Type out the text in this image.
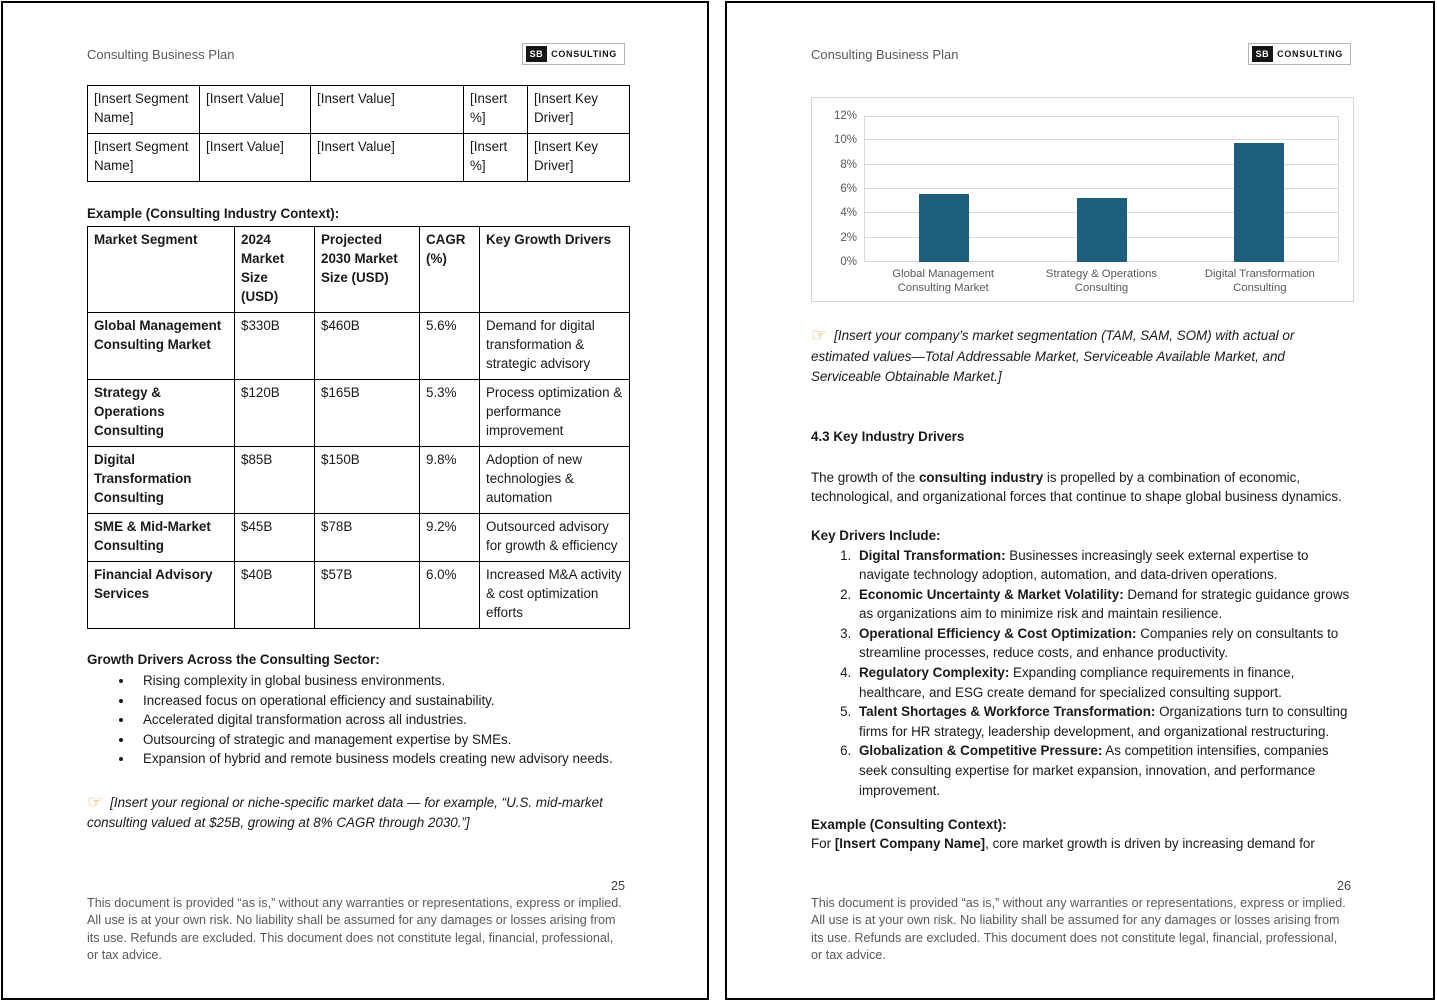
Consulting Business Plan	SB CONSULTING
[Insert Segment Name]	[Insert Value]	[Insert Value]	[Insert %]	[Insert Key Driver]
[Insert Segment Name]	[Insert Value]	[Insert Value]	[Insert %]	[Insert Key Driver]
Example (Consulting Industry Context):
Market Segment	2024 Market Size (USD)	Projected 2030 Market Size (USD)	CAGR (%)	Key Growth Drivers
Global Management Consulting Market	$330B	$460B	5.6%	Demand for digital transformation & strategic advisory
Strategy & Operations Consulting	$120B	$165B	5.3%	Process optimization & performance improvement
Digital Transformation Consulting	$85B	$150B	9.8%	Adoption of new technologies & automation
SME & Mid-Market Consulting	$45B	$78B	9.2%	Outsourced advisory for growth & efficiency
Financial Advisory Services	$40B	$57B	6.0%	Increased M&A activity & cost optimization efforts
Growth Drivers Across the Consulting Sector:
• Rising complexity in global business environments.
• Increased focus on operational efficiency and sustainability.
• Accelerated digital transformation across all industries.
• Outsourcing of strategic and management expertise by SMEs.
• Expansion of hybrid and remote business models creating new advisory needs.
☞ [Insert your regional or niche-specific market data — for example, “U.S. mid-market consulting valued at $25B, growing at 8% CAGR through 2030.”]
25
This document is provided “as is,” without any warranties or representations, express or implied. All use is at your own risk. No liability shall be assumed for any damages or losses arising from its use. Refunds are excluded. This document does not constitute legal, financial, professional, or tax advice.
Consulting Business Plan	SB CONSULTING
0%
2%
4%
6%
8%
10%
12%
Global Management Consulting Market
Strategy & Operations Consulting
Digital Transformation Consulting
☞ [Insert your company’s market segmentation (TAM, SAM, SOM) with actual or estimated values—Total Addressable Market, Serviceable Available Market, and Serviceable Obtainable Market.]
4.3 Key Industry Drivers

The growth of the consulting industry is propelled by a combination of economic, technological, and organizational forces that continue to shape global business dynamics.

Key Drivers Include:
1. Digital Transformation: Businesses increasingly seek external expertise to navigate technology adoption, automation, and data-driven operations.
2. Economic Uncertainty & Market Volatility: Demand for strategic guidance grows as organizations aim to minimize risk and maintain resilience.
3. Operational Efficiency & Cost Optimization: Companies rely on consultants to streamline processes, reduce costs, and enhance productivity.
4. Regulatory Complexity: Expanding compliance requirements in finance, healthcare, and ESG create demand for specialized consulting support.
5. Talent Shortages & Workforce Transformation: Organizations turn to consulting firms for HR strategy, leadership development, and organizational restructuring.
6. Globalization & Competitive Pressure: As competition intensifies, companies seek consulting expertise for market expansion, innovation, and performance improvement.
Example (Consulting Context):

For [Insert Company Name], core market growth is driven by increasing demand for

26
This document is provided “as is,” without any warranties or representations, express or implied. All use is at your own risk. No liability shall be assumed for any damages or losses arising from its use. Refunds are excluded. This document does not constitute legal, financial, professional, or tax advice.
